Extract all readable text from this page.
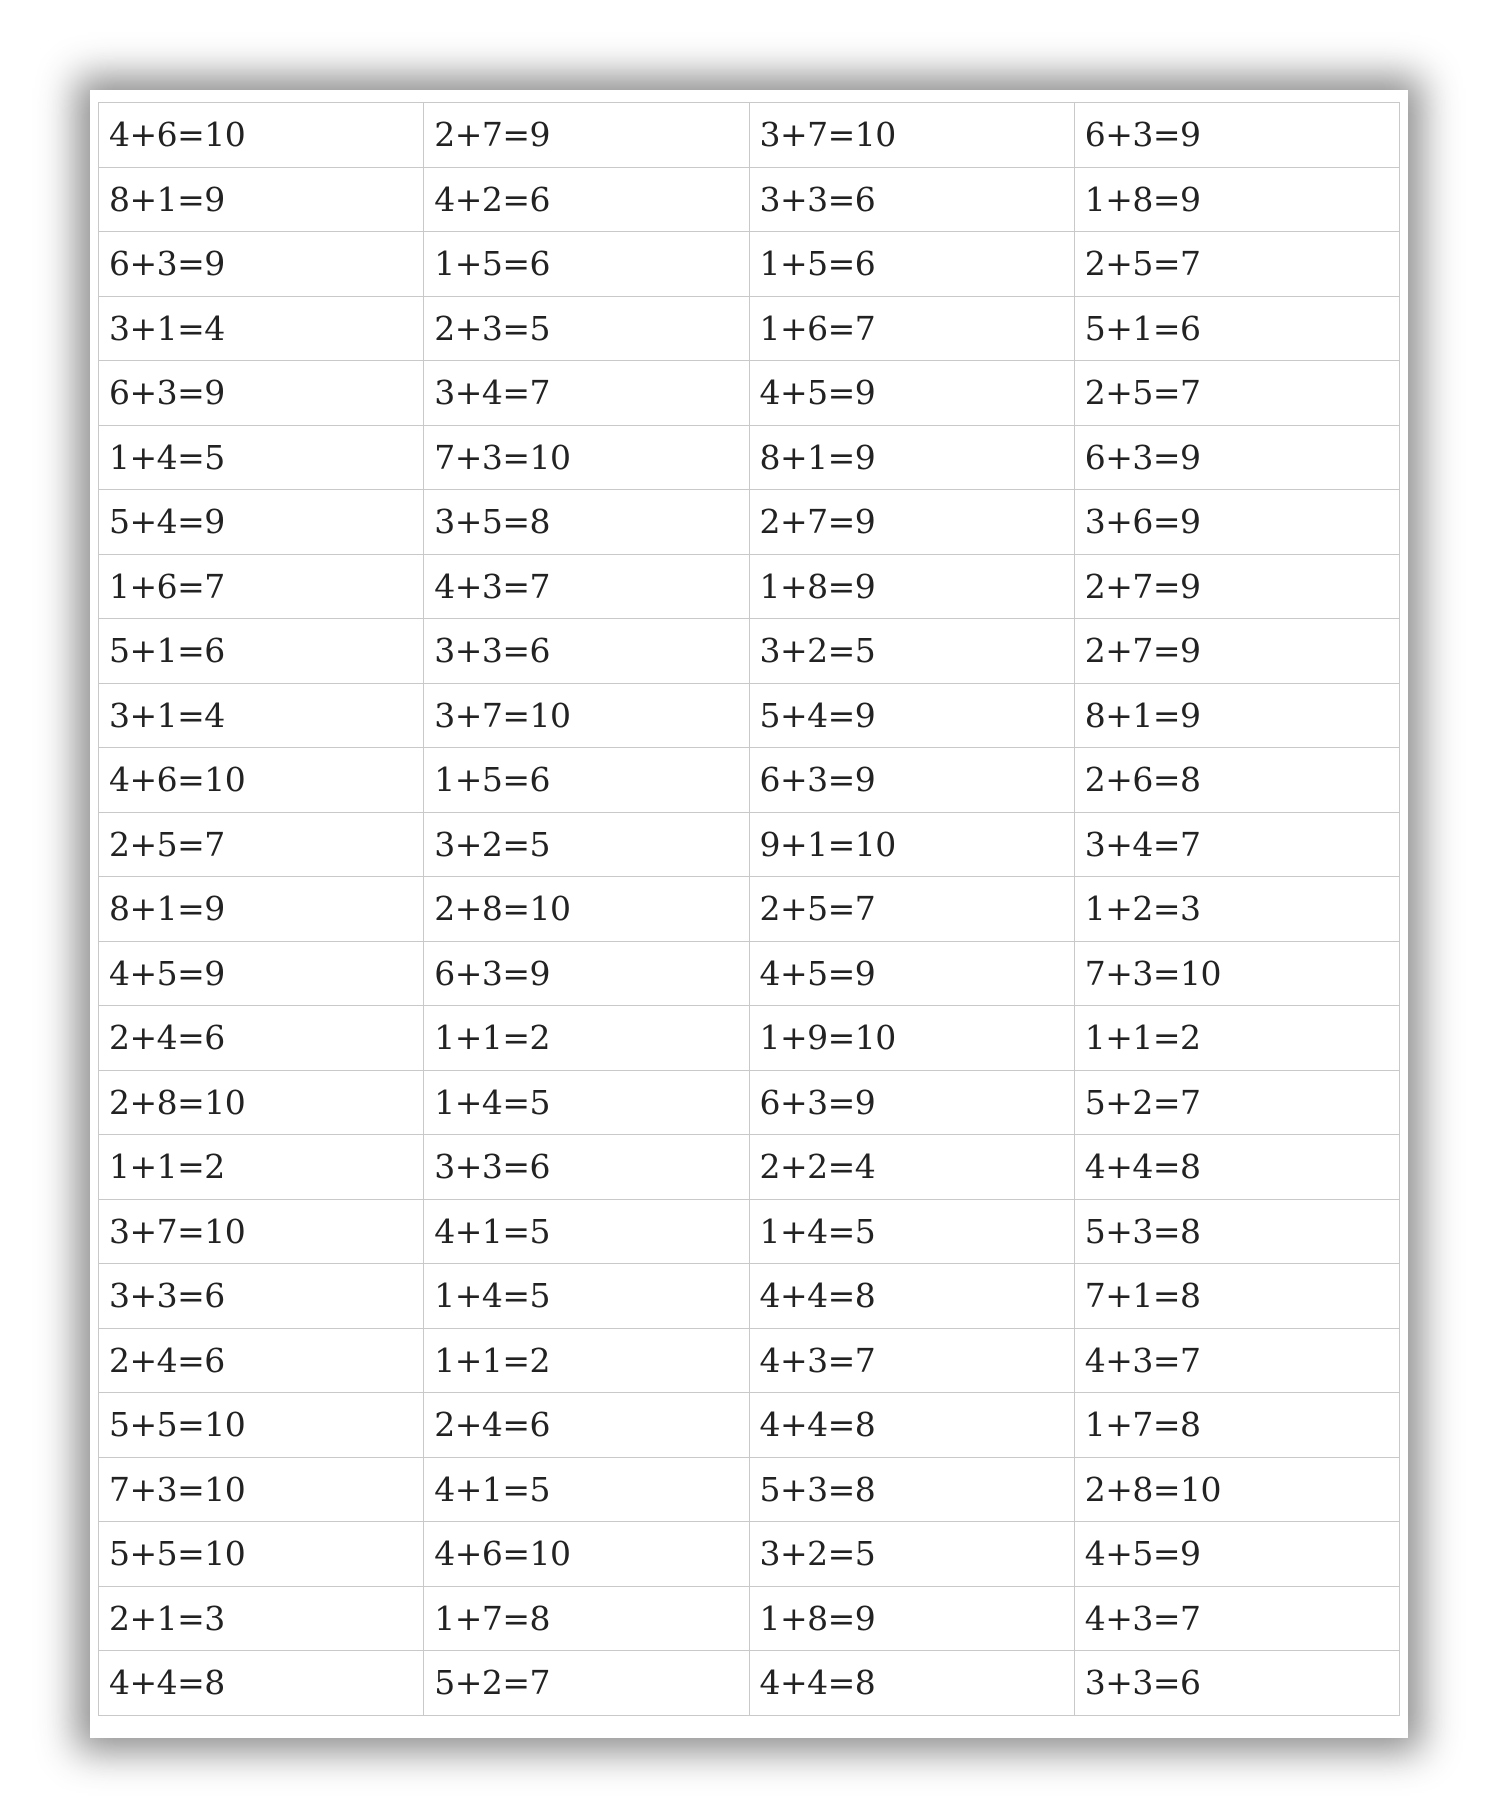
4+6=10	2+7=9	3+7=10	6+3=9
8+1=9	4+2=6	3+3=6	1+8=9
6+3=9	1+5=6	1+5=6	2+5=7
3+1=4	2+3=5	1+6=7	5+1=6
6+3=9	3+4=7	4+5=9	2+5=7
1+4=5	7+3=10	8+1=9	6+3=9
5+4=9	3+5=8	2+7=9	3+6=9
1+6=7	4+3=7	1+8=9	2+7=9
5+1=6	3+3=6	3+2=5	2+7=9
3+1=4	3+7=10	5+4=9	8+1=9
4+6=10	1+5=6	6+3=9	2+6=8
2+5=7	3+2=5	9+1=10	3+4=7
8+1=9	2+8=10	2+5=7	1+2=3
4+5=9	6+3=9	4+5=9	7+3=10
2+4=6	1+1=2	1+9=10	1+1=2
2+8=10	1+4=5	6+3=9	5+2=7
1+1=2	3+3=6	2+2=4	4+4=8
3+7=10	4+1=5	1+4=5	5+3=8
3+3=6	1+4=5	4+4=8	7+1=8
2+4=6	1+1=2	4+3=7	4+3=7
5+5=10	2+4=6	4+4=8	1+7=8
7+3=10	4+1=5	5+3=8	2+8=10
5+5=10	4+6=10	3+2=5	4+5=9
2+1=3	1+7=8	1+8=9	4+3=7
4+4=8	5+2=7	4+4=8	3+3=6
